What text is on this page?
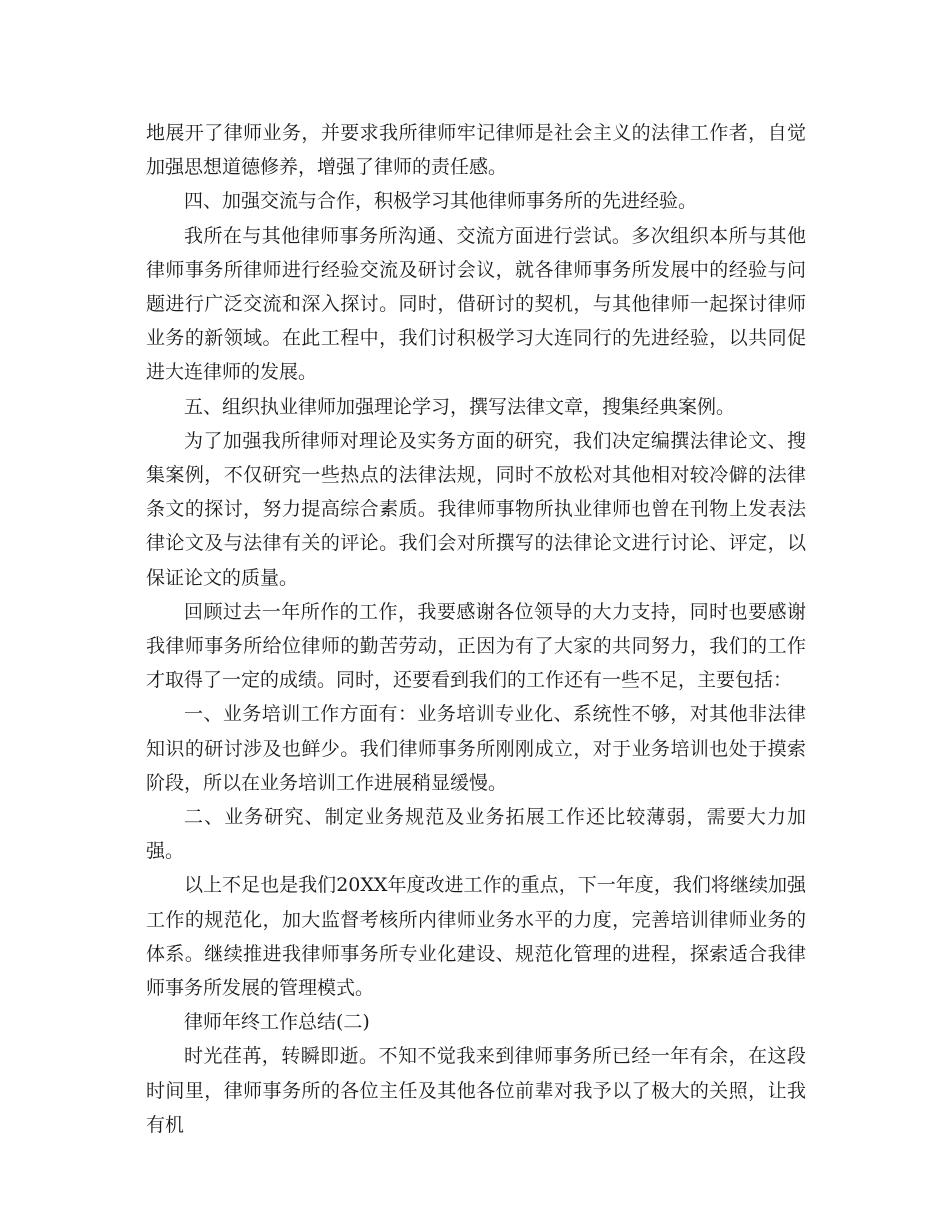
地展开了律师业务，并要求我所律师牢记律师是社会主义的法律工作者，自觉加强思想道德修养，增强了律师的责任感。

四、加强交流与合作，积极学习其他律师事务所的先进经验。

我所在与其他律师事务所沟通、交流方面进行尝试。多次组织本所与其他律师事务所律师进行经验交流及研讨会议，就各律师事务所发展中的经验与问题进行广泛交流和深入探讨。同时，借研讨的契机，与其他律师一起探讨律师业务的新领域。在此工程中，我们讨积极学习大连同行的先进经验，以共同促进大连律师的发展。

五、组织执业律师加强理论学习，撰写法律文章，搜集经典案例。

为了加强我所律师对理论及实务方面的研究，我们决定编撰法律论文、搜集案例，不仅研究一些热点的法律法规，同时不放松对其他相对较冷僻的法律条文的探讨，努力提高综合素质。我律师事物所执业律师也曾在刊物上发表法律论文及与法律有关的评论。我们会对所撰写的法律论文进行讨论、评定，以保证论文的质量。

回顾过去一年所作的工作，我要感谢各位领导的大力支持，同时也要感谢我律师事务所给位律师的勤苦劳动，正因为有了大家的共同努力，我们的工作才取得了一定的成绩。同时，还要看到我们的工作还有一些不足，主要包括：

一、业务培训工作方面有：业务培训专业化、系统性不够，对其他非法律知识的研讨涉及也鲜少。我们律师事务所刚刚成立，对于业务培训也处于摸索阶段，所以在业务培训工作进展稍显缓慢。

二、业务研究、制定业务规范及业务拓展工作还比较薄弱，需要大力加强。

以上不足也是我们20XX年度改进工作的重点，下一年度，我们将继续加强工作的规范化，加大监督考核所内律师业务水平的力度，完善培训律师业务的体系。继续推进我律师事务所专业化建设、规范化管理的进程，探索适合我律师事务所发展的管理模式。

律师年终工作总结(二)

时光荏苒，转瞬即逝。不知不觉我来到律师事务所已经一年有余，在这段时间里，律师事务所的各位主任及其他各位前辈对我予以了极大的关照，让我有机
